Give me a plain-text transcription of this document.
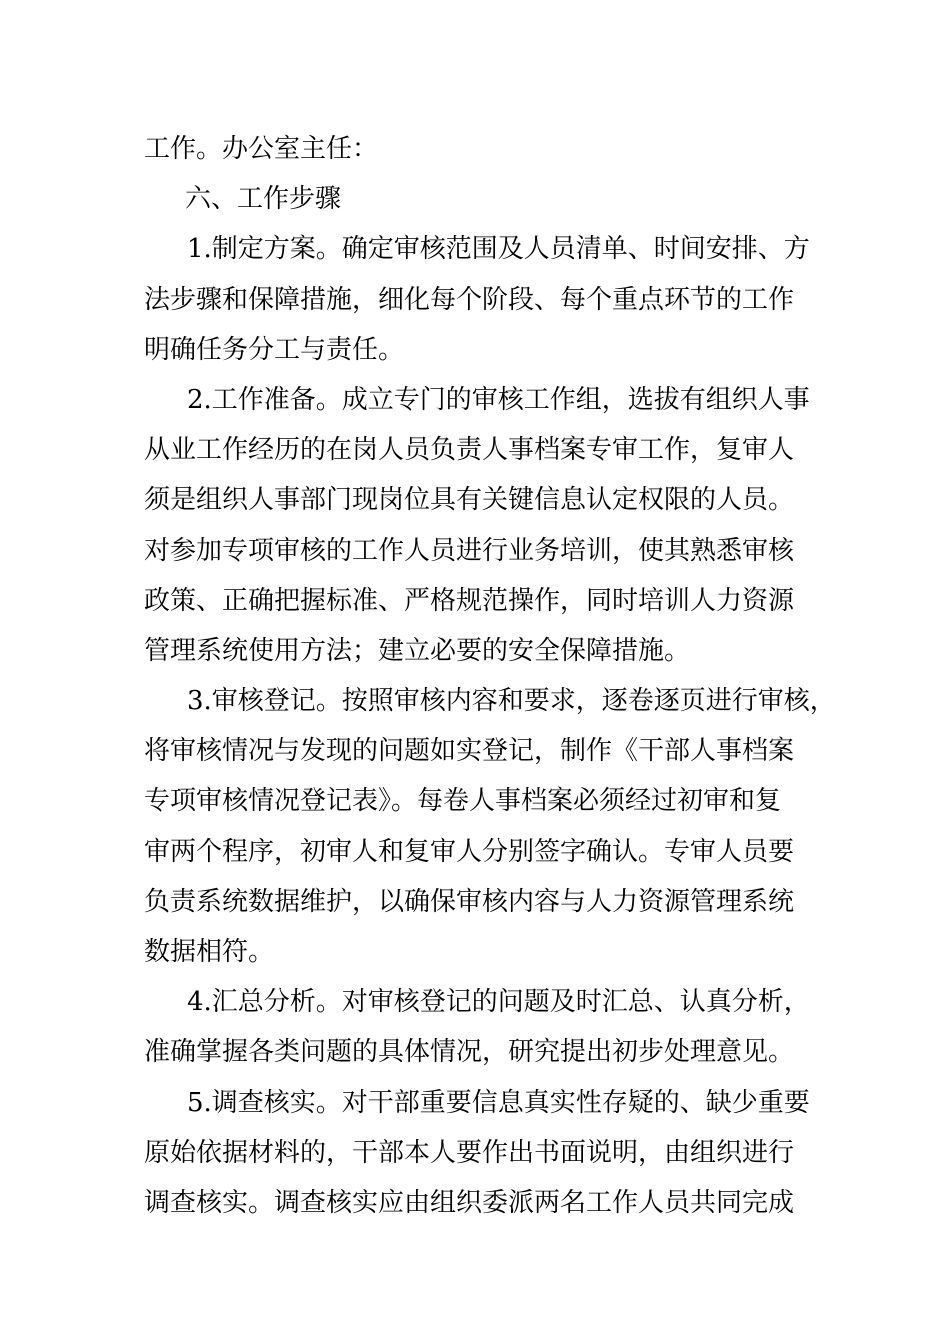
工作。办公室主任：
六、工作步骤
1.制定方案。确定审核范围及人员清单、时间安排、方
法步骤和保障措施，细化每个阶段、每个重点环节的工作
明确任务分工与责任。
2.工作准备。成立专门的审核工作组，选拔有组织人事
从业工作经历的在岗人员负责人事档案专审工作，复审人
须是组织人事部门现岗位具有关键信息认定权限的人员。
对参加专项审核的工作人员进行业务培训，使其熟悉审核
政策、正确把握标准、严格规范操作，同时培训人力资源
管理系统使用方法；建立必要的安全保障措施。
3.审核登记。按照审核内容和要求，逐卷逐页进行审核，
将审核情况与发现的问题如实登记，制作《干部人事档案
专项审核情况登记表》。每卷人事档案必须经过初审和复
审两个程序，初审人和复审人分别签字确认。专审人员要
负责系统数据维护，以确保审核内容与人力资源管理系统
数据相符。
4.汇总分析。对审核登记的问题及时汇总、认真分析，
准确掌握各类问题的具体情况，研究提出初步处理意见。
5.调查核实。对干部重要信息真实性存疑的、缺少重要
原始依据材料的，干部本人要作出书面说明，由组织进行
调查核实。调查核实应由组织委派两名工作人员共同完成
